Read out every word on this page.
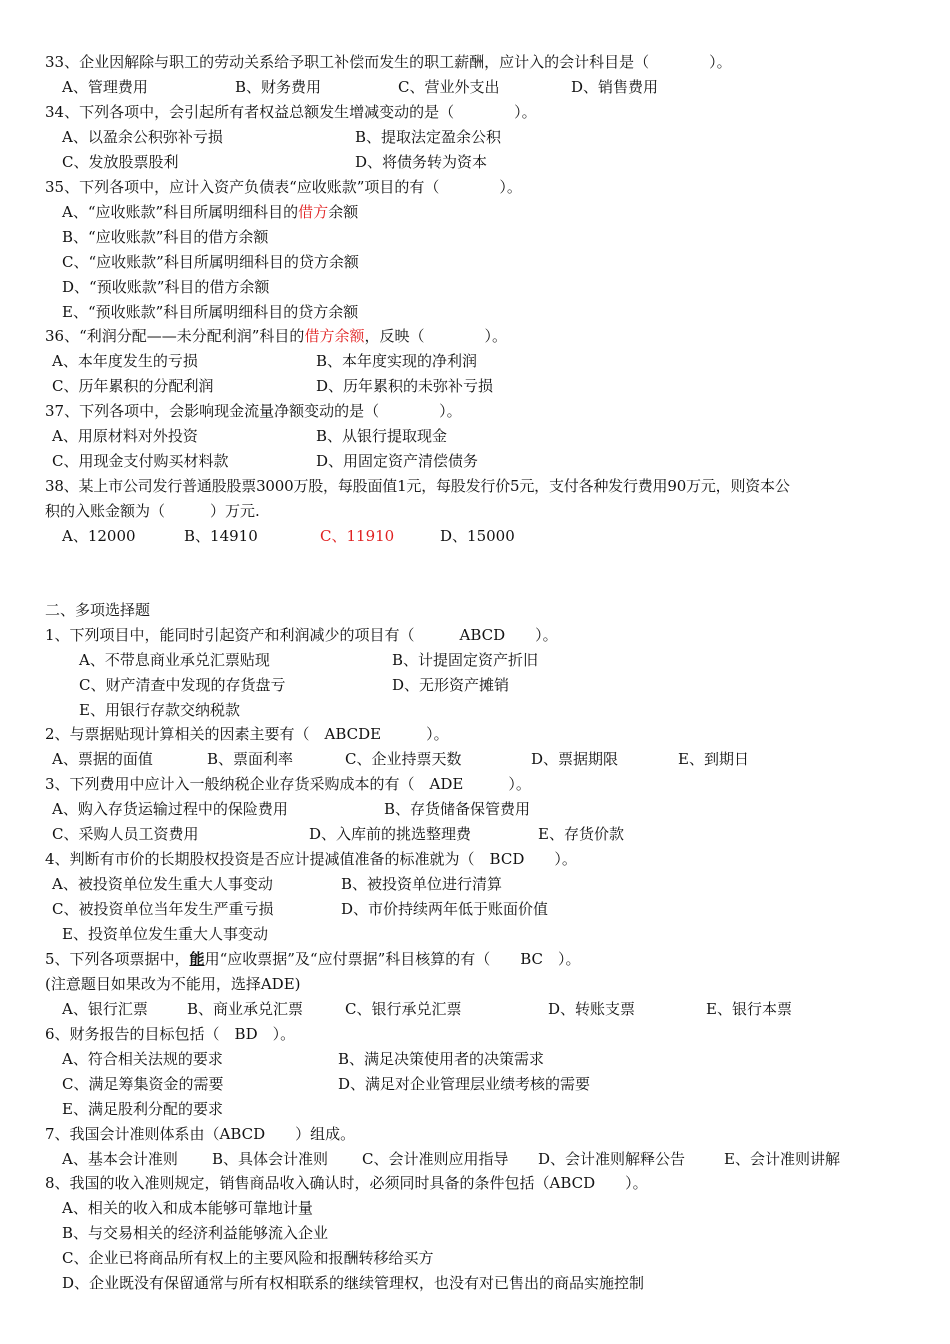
33、企业因解除与职工的劳动关系给予职工补偿而发生的职工薪酬，应计入的会计科目是（　　　　）。
A、管理费用	B、财务费用	C、营业外支出	D、销售费用
34、下列各项中，会引起所有者权益总额发生增减变动的是（　　　　）。
A、以盈余公积弥补亏损	B、提取法定盈余公积
C、发放股票股利	D、将债务转为资本
35、下列各项中，应计入资产负债表“应收账款”项目的有（　　　　）。
A、“应收账款”科目所属明细科目的借方余额
B、“应收账款”科目的借方余额
C、“应收账款”科目所属明细科目的贷方余额
D、“预收账款”科目的借方余额
E、“预收账款”科目所属明细科目的贷方余额
36、“利润分配——未分配利润”科目的借方余额，反映（　　　　）。
A、本年度发生的亏损	B、本年度实现的净利润
C、历年累积的分配利润	D、历年累积的未弥补亏损
37、下列各项中，会影响现金流量净额变动的是（　　　　）。
A、用原材料对外投资	B、从银行提取现金
C、用现金支付购买材料款	D、用固定资产清偿债务
38、某上市公司发行普通股股票3000万股，每股面值1元，每股发行价5元，支付各种发行费用90万元，则资本公
积的入账金额为（　　　）万元.
A、12000	B、14910	C、11910	D、15000
二、多项选择题
1、下列项目中，能同时引起资产和利润减少的项目有（　　　ABCD　　）。
A、不带息商业承兑汇票贴现	B、计提固定资产折旧
C、财产清查中发现的存货盘亏	D、无形资产摊销
E、用银行存款交纳税款
2、与票据贴现计算相关的因素主要有（　ABCDE　　　）。
A、票据的面值	B、票面利率	C、企业持票天数	D、票据期限	E、到期日
3、下列费用中应计入一般纳税企业存货采购成本的有（　ADE　　　）。
A、购入存货运输过程中的保险费用	B、存货储备保管费用
C、采购人员工资费用	D、入库前的挑选整理费	E、存货价款
4、判断有市价的长期股权投资是否应计提减值准备的标准就为（　BCD　　）。
A、被投资单位发生重大人事变动	B、被投资单位进行清算
C、被投资单位当年发生严重亏损	D、市价持续两年低于账面价值
E、投资单位发生重大人事变动
5、下列各项票据中，能用“应收票据”及“应付票据”科目核算的有（　　BC　）。
(注意题目如果改为不能用，选择ADE)
A、银行汇票	B、商业承兑汇票	C、银行承兑汇票	D、转账支票	E、银行本票
6、财务报告的目标包括（　BD　）。
A、符合相关法规的要求	B、满足决策使用者的决策需求
C、满足筹集资金的需要	D、满足对企业管理层业绩考核的需要
E、满足股利分配的要求
7、我国会计准则体系由（ABCD　　）组成。
A、基本会计准则 B、具体会计准则 C、会计准则应用指导 D、会计准则解释公告	E、会计准则讲解
8、我国的收入准则规定，销售商品收入确认时，必须同时具备的条件包括（ABCD　　）。
A、相关的收入和成本能够可靠地计量
B、与交易相关的经济利益能够流入企业
C、企业已将商品所有权上的主要风险和报酬转移给买方
D、企业既没有保留通常与所有权相联系的继续管理权，也没有对已售出的商品实施控制
